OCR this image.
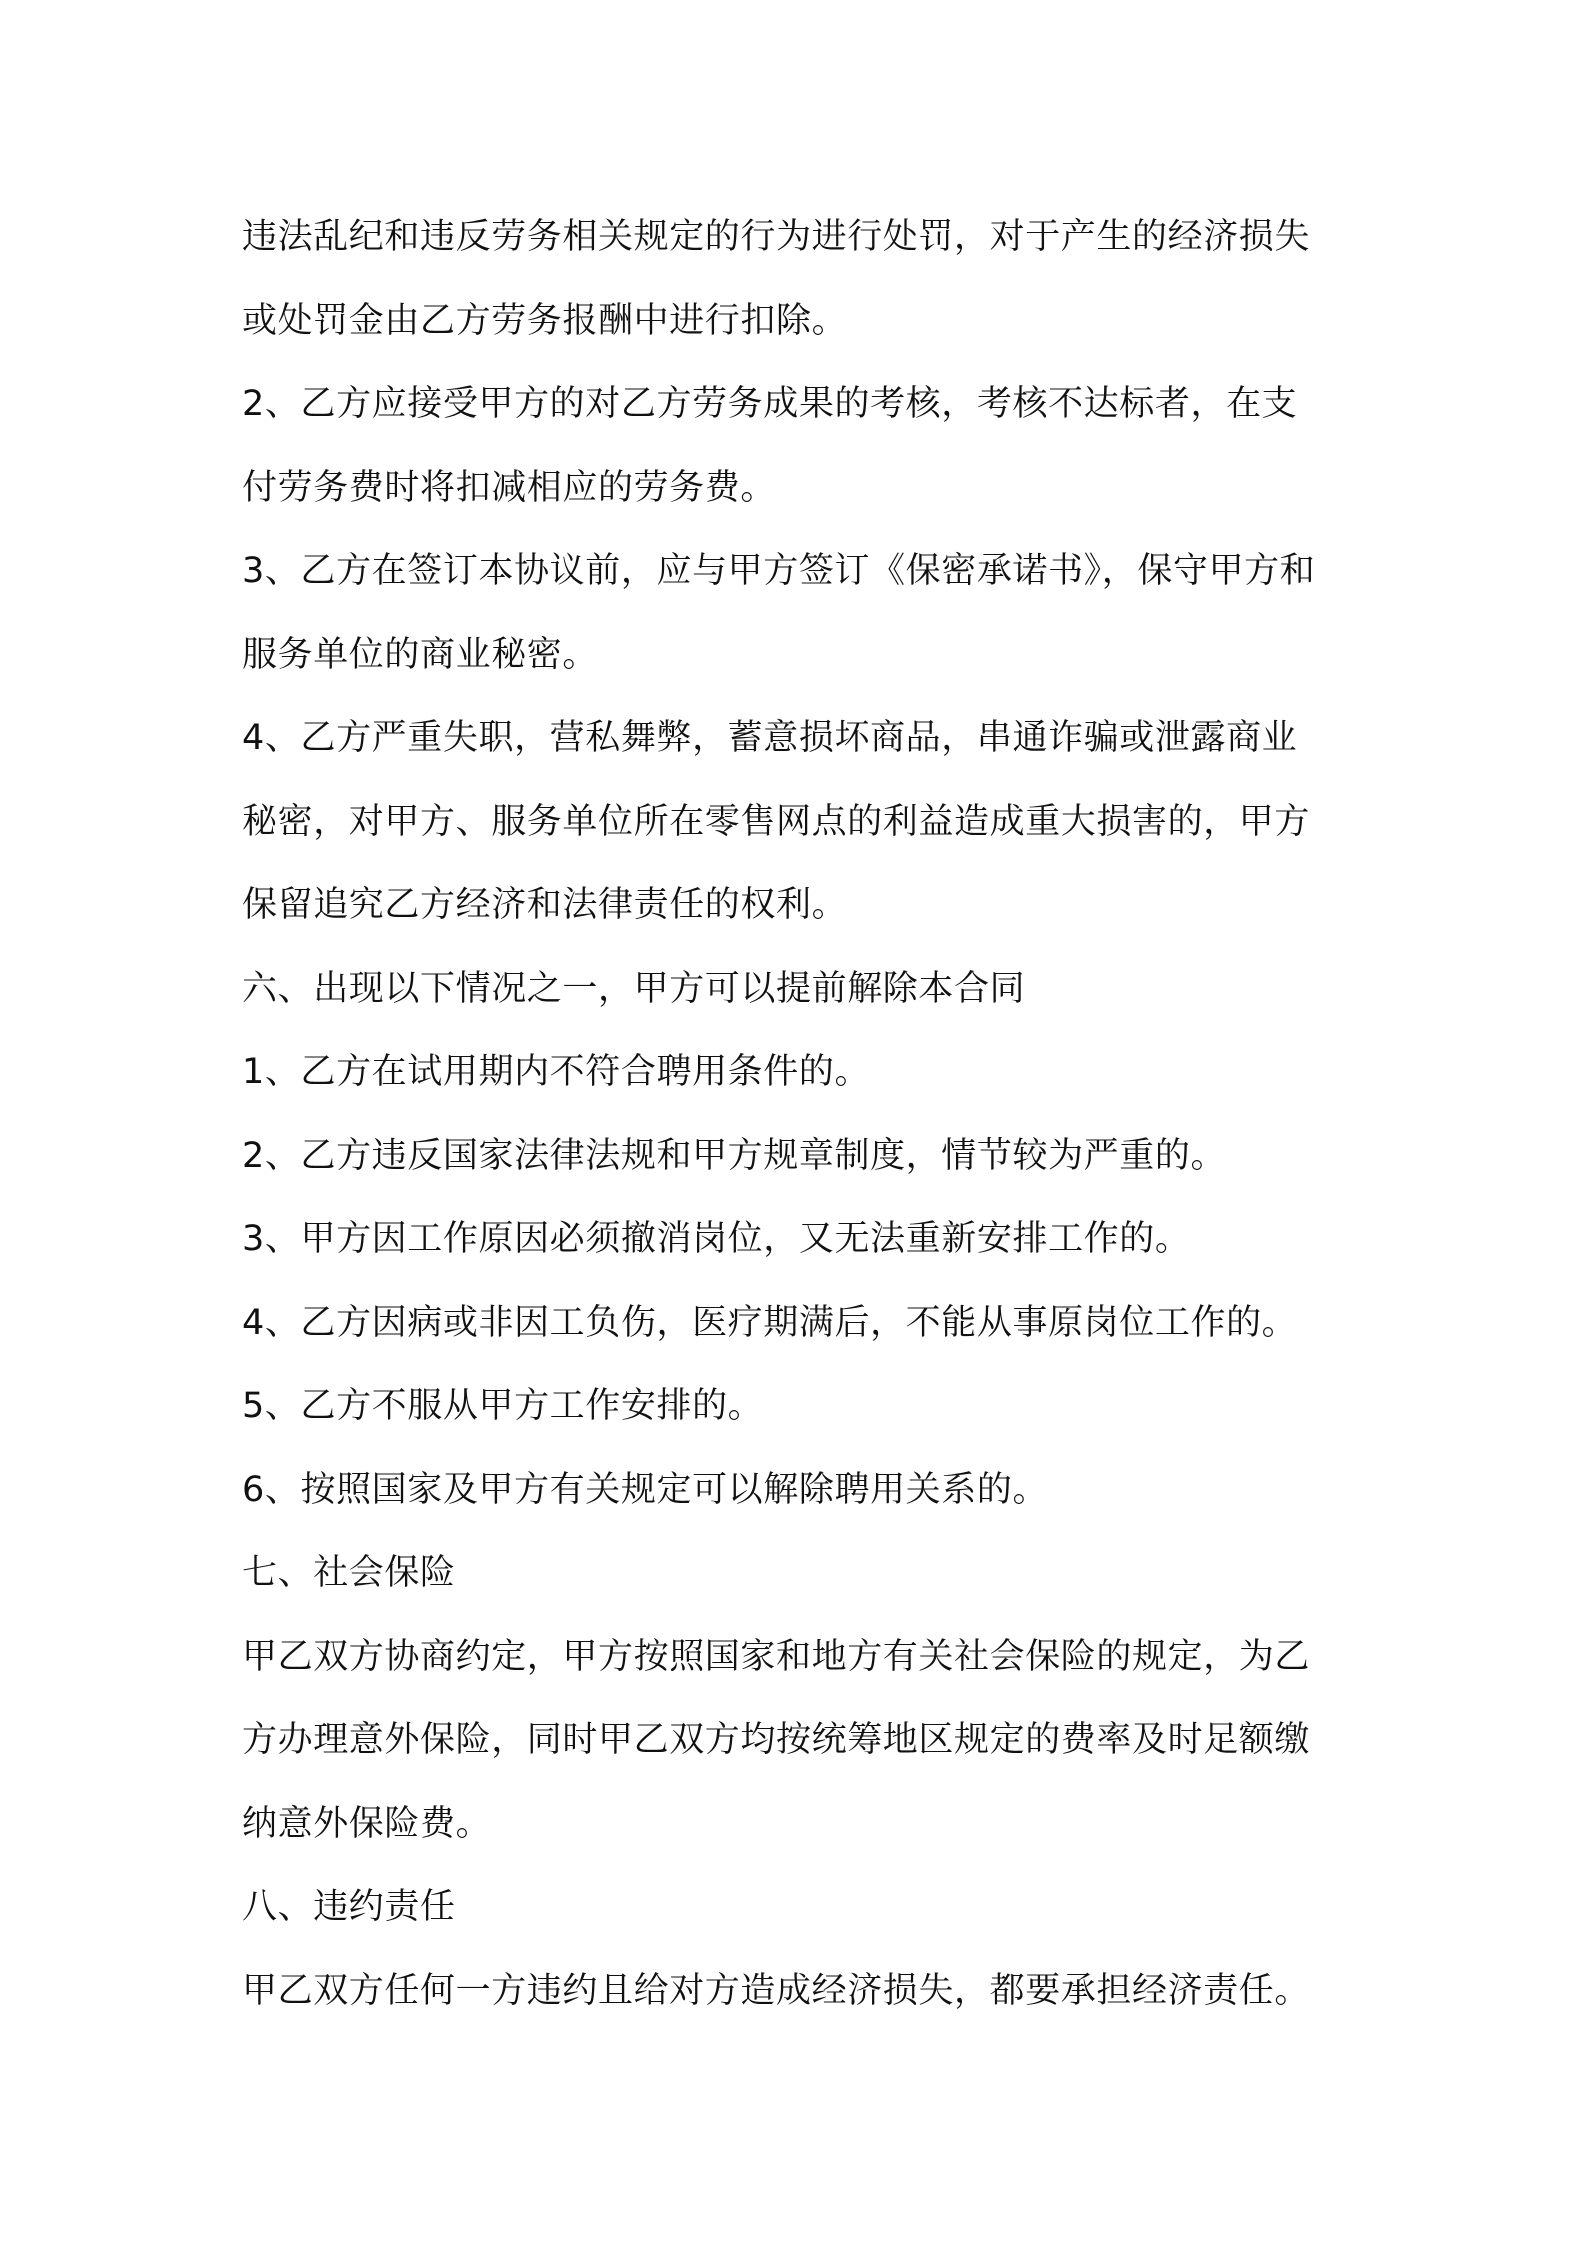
违法乱纪和违反劳务相关规定的行为进行处罚，对于产生的经济损失
或处罚金由乙方劳务报酬中进行扣除。
2、乙方应接受甲方的对乙方劳务成果的考核，考核不达标者，在支
付劳务费时将扣减相应的劳务费。
3、乙方在签订本协议前，应与甲方签订《保密承诺书》，保守甲方和
服务单位的商业秘密。
4、乙方严重失职，营私舞弊，蓄意损坏商品，串通诈骗或泄露商业
秘密，对甲方、服务单位所在零售网点的利益造成重大损害的，甲方
保留追究乙方经济和法律责任的权利。
六、出现以下情况之一，甲方可以提前解除本合同
1、乙方在试用期内不符合聘用条件的。
2、乙方违反国家法律法规和甲方规章制度，情节较为严重的。
3、甲方因工作原因必须撤消岗位，又无法重新安排工作的。
4、乙方因病或非因工负伤，医疗期满后，不能从事原岗位工作的。
5、乙方不服从甲方工作安排的。
6、按照国家及甲方有关规定可以解除聘用关系的。
七、社会保险
甲乙双方协商约定，甲方按照国家和地方有关社会保险的规定，为乙
方办理意外保险，同时甲乙双方均按统筹地区规定的费率及时足额缴
纳意外保险费。
八、违约责任
甲乙双方任何一方违约且给对方造成经济损失，都要承担经济责任。
